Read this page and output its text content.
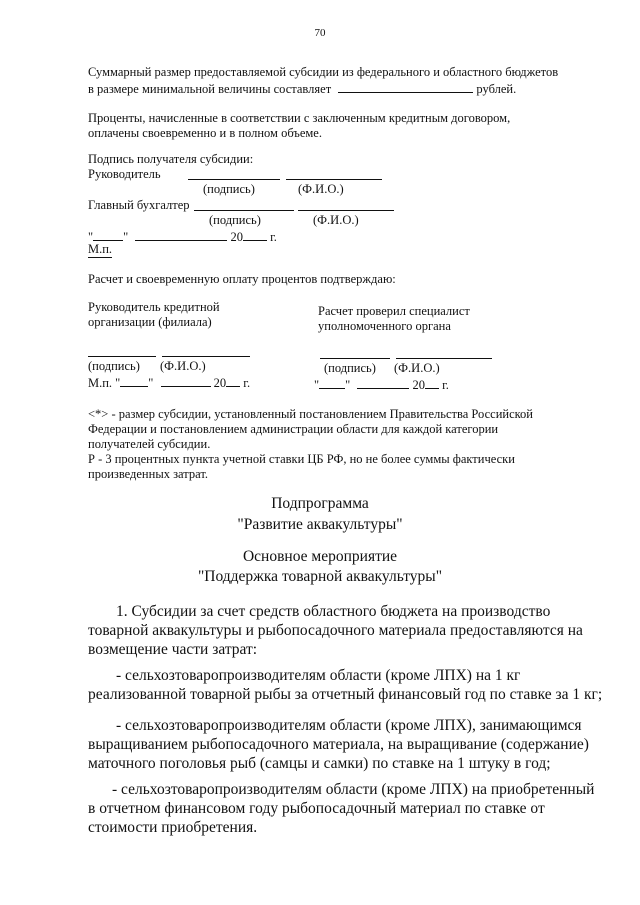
70
Суммарный размер предоставляемой субсидии из федерального и областного бюджетов
в размере минимальной величины составляет	рублей.
Проценты, начисленные в соответствии с заключенным кредитным договором,
оплачены своевременно и в полном объеме.
Подпись получателя субсидии:
Руководитель
(подпись)	(Ф.И.О.)
Главный бухгалтер
(подпись)	(Ф.И.О.)
" "	20 г.
М.п.
Расчет и своевременную оплату процентов подтверждаю:
Руководитель кредитной
организации (филиала)
Расчет проверил специалист
уполномоченного органа
(подпись) (Ф.И.О.)
М.п. " "	20 г.
(подпись) (Ф.И.О.)
" "	20 г.
<*> - размер субсидии, установленный постановлением Правительства Российской
Федерации и постановлением администрации области для каждой категории
получателей субсидии.
Р - 3 процентных пункта учетной ставки ЦБ РФ, но не более суммы фактически
произведенных затрат.
Подпрограмма
"Развитие аквакультуры"
Основное мероприятие
"Поддержка товарной аквакультуры"
1. Субсидии за счет средств областного бюджета на производство
товарной аквакультуры и рыбопосадочного материала предоставляются на
возмещение части затрат:
- сельхозтоваропроизводителям области (кроме ЛПХ) на 1 кг
реализованной товарной рыбы за отчетный финансовый год по ставке за 1 кг;
- сельхозтоваропроизводителям области (кроме ЛПХ), занимающимся
выращиванием рыбопосадочного материала, на выращивание (содержание)
маточного поголовья рыб (самцы и самки) по ставке на 1 штуку в год;
- сельхозтоваропроизводителям области (кроме ЛПХ) на приобретенный
в отчетном финансовом году рыбопосадочный материал по ставке от
стоимости приобретения.
